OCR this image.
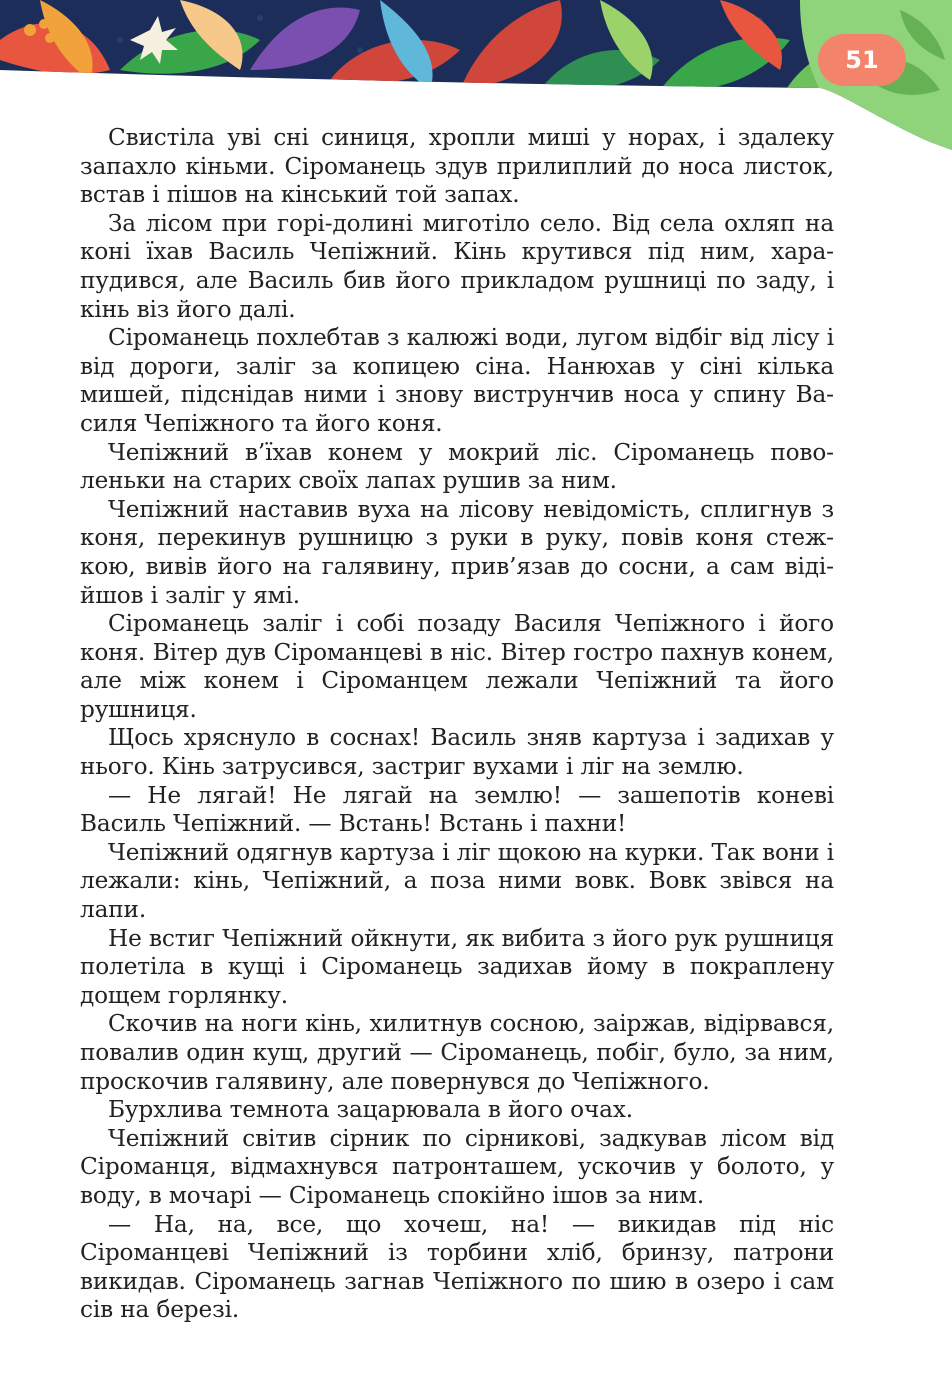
51

Свистіла уві сні синиця, хропли миші у норах, і здалеку запахло кіньми. Сіроманець здув прилиплий до носа листок, встав і пішов на кінський той запах.

За лісом при горі-долині миготіло село. Від села охляп на коні їхав Василь Чепіжний. Кінь крутився під ним, харапудився, але Василь бив його прикладом рушниці по заду, і кінь віз його далі.

Сіроманець похлебтав з калюжі води, лугом відбіг від лісу і від дороги, заліг за копицею сіна. Нанюхав у сіні кілька мишей, підснідав ними і знову виструнчив носа у спину Василя Чепіжного та його коня.

Чепіжний в’їхав конем у мокрий ліс. Сіроманець поволеньки на старих своїх лапах рушив за ним.

Чепіжний наставив вуха на лісову невідомість, сплигнув з коня, перекинув рушницю з руки в руку, повів коня стежкою, вивів його на галявину, прив’язав до сосни, а сам відійшов і заліг у ямі.

Сіроманець заліг і собі позаду Василя Чепіжного і його коня. Вітер дув Сіроманцеві в ніс. Вітер гостро пахнув конем, але між конем і Сіроманцем лежали Чепіжний та його рушниця.

Щось хряснуло в соснах! Василь зняв картуза і задихав у нього. Кінь затрусився, застриг вухами і ліг на землю.

— Не лягай! Не лягай на землю! — зашепотів коневі Василь Чепіжний. — Встань! Встань і пахни!

Чепіжний одягнув картуза і ліг щокою на курки. Так вони і лежали: кінь, Чепіжний, а поза ними вовк. Вовк звівся на лапи.

Не встиг Чепіжний ойкнути, як вибита з його рук рушниця полетіла в кущі і Сіроманець задихав йому в покраплену дощем горлянку.

Скочив на ноги кінь, хилитнув сосною, заіржав, відірвався, повалив один кущ, другий — Сіроманець, побіг, було, за ним, проскочив галявину, але повернувся до Чепіжного.

Бурхлива темнота зацарювала в його очах.

Чепіжний світив сірник по сірникові, задкував лісом від Сіроманця, відмахнувся патронташем, ускочив у болото, у воду, в мочарі — Сіроманець спокійно ішов за ним.

— На, на, все, що хочеш, на! — викидав під ніс Сіроманцеві Чепіжний із торбини хліб, бринзу, патрони викидав. Сіроманець загнав Чепіжного по шию в озеро і сам сів на березі.
